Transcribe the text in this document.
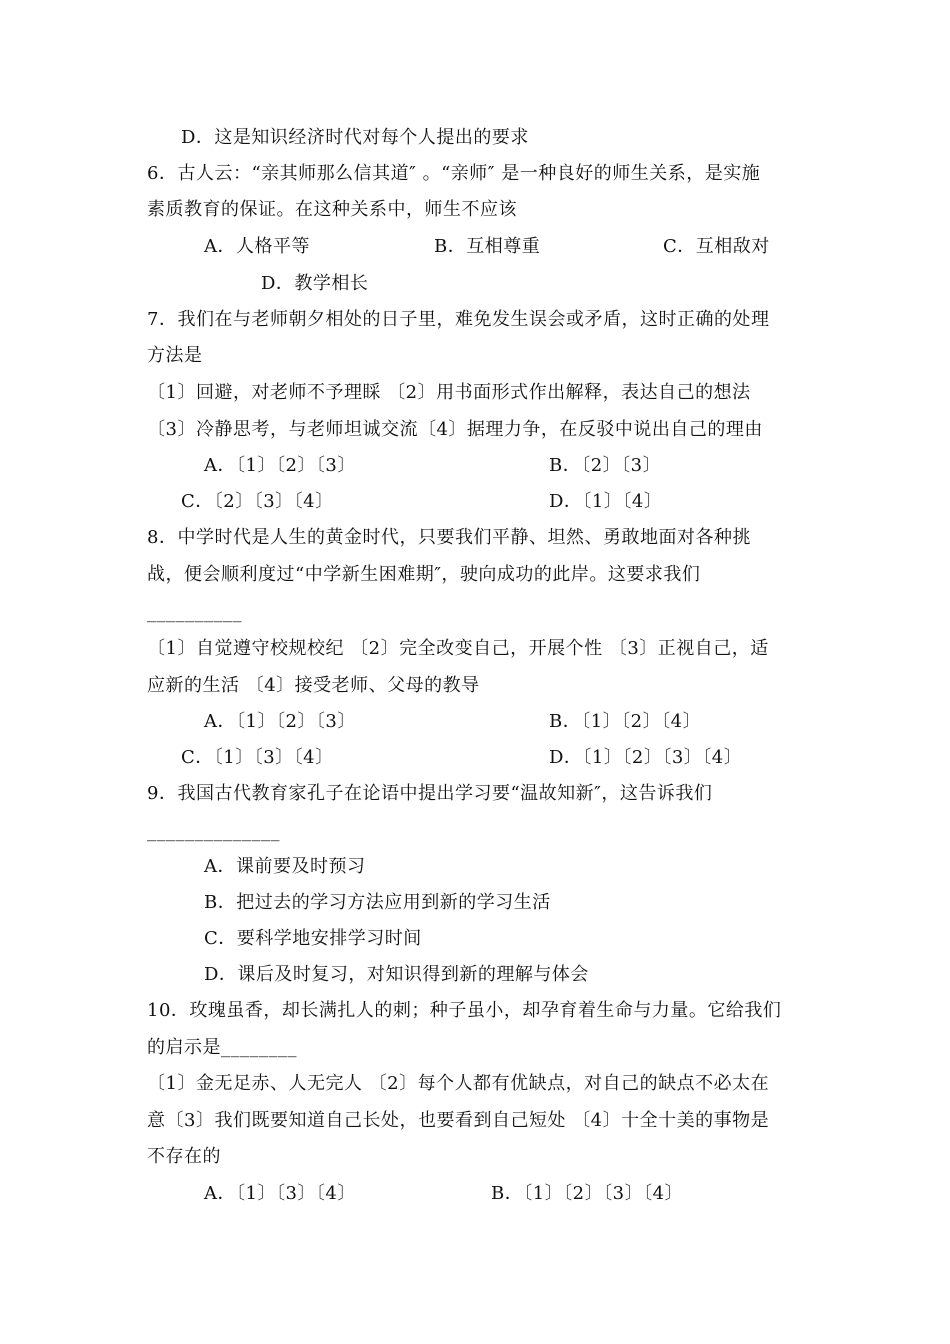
D．这是知识经济时代对每个人提出的要求
6．古人云：“亲其师那么信其道″ 。“亲师″ 是一种良好的师生关系，是实施
素质教育的保证。在这种关系中，师生不应该
A．人格平等	B．互相尊重	C．互相敌对
D．教学相长
7．我们在与老师朝夕相处的日子里，难免发生误会或矛盾，这时正确的处理
方法是
〔1〕回避，对老师不予理睬 〔2〕用书面形式作出解释，表达自己的想法
〔3〕冷静思考，与老师坦诚交流〔4〕据理力争，在反驳中说出自己的理由
A．〔1〕〔2〕〔3〕	B．〔2〕〔3〕
C．〔2〕〔3〕〔4〕	D．〔1〕〔4〕
8．中学时代是人生的黄金时代，只要我们平静、坦然、勇敢地面对各种挑
战，便会顺利度过“中学新生困难期″，驶向成功的此岸。这要求我们
__________
〔1〕自觉遵守校规校纪 〔2〕完全改变自己，开展个性 〔3〕正视自己，适
应新的生活 〔4〕接受老师、父母的教导
A．〔1〕〔2〕〔3〕	B．〔1〕〔2〕〔4〕
C．〔1〕〔3〕〔4〕	D．〔1〕〔2〕〔3〕〔4〕
9．我国古代教育家孔子在论语中提出学习要“温故知新″，这告诉我们
______________
A．课前要及时预习
B．把过去的学习方法应用到新的学习生活
C．要科学地安排学习时间
D．课后及时复习，对知识得到新的理解与体会
10．玫瑰虽香，却长满扎人的刺；种子虽小，却孕育着生命与力量。它给我们
的启示是________
〔1〕金无足赤、人无完人 〔2〕每个人都有优缺点，对自己的缺点不必太在
意〔3〕我们既要知道自己长处，也要看到自己短处 〔4〕十全十美的事物是
不存在的
A．〔1〕〔3〕〔4〕	B．〔1〕〔2〕〔3〕〔4〕
